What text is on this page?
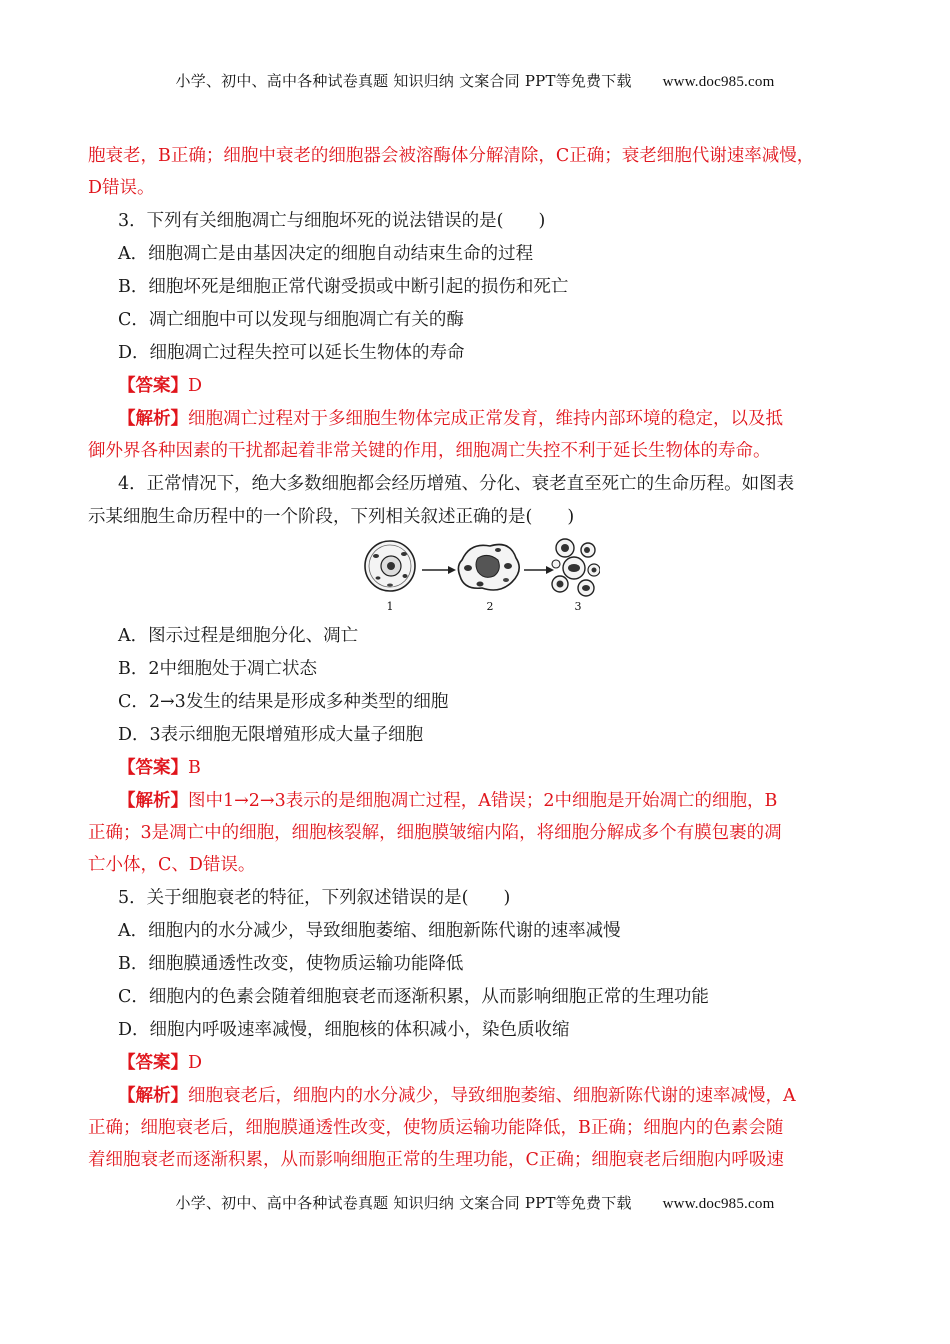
小学、初中、高中各种试卷真题 知识归纳 文案合同 PPT等免费下载 www.doc985.com
胞衰老，B正确；细胞中衰老的细胞器会被溶酶体分解清除，C正确；衰老细胞代谢速率减慢，
D错误。
3．下列有关细胞凋亡与细胞坏死的说法错误的是(　　)
A．细胞凋亡是由基因决定的细胞自动结束生命的过程
B．细胞坏死是细胞正常代谢受损或中断引起的损伤和死亡
C．凋亡细胞中可以发现与细胞凋亡有关的酶
D．细胞凋亡过程失控可以延长生物体的寿命
【答案】D
【解析】细胞凋亡过程对于多细胞生物体完成正常发育，维持内部环境的稳定，以及抵
御外界各种因素的干扰都起着非常关键的作用，细胞凋亡失控不利于延长生物体的寿命。
4．正常情况下，绝大多数细胞都会经历增殖、分化、衰老直至死亡的生命历程。如图表
示某细胞生命历程中的一个阶段，下列相关叙述正确的是(　　)
1	2	3
A．图示过程是细胞分化、凋亡
B．2中细胞处于凋亡状态
C．2→3发生的结果是形成多种类型的细胞
D．3表示细胞无限增殖形成大量子细胞
【答案】B
【解析】图中1→2→3表示的是细胞凋亡过程，A错误；2中细胞是开始凋亡的细胞，B
正确；3是凋亡中的细胞，细胞核裂解，细胞膜皱缩内陷，将细胞分解成多个有膜包裹的凋
亡小体，C、D错误。
5．关于细胞衰老的特征，下列叙述错误的是(　　)
A．细胞内的水分减少，导致细胞萎缩、细胞新陈代谢的速率减慢
B．细胞膜通透性改变，使物质运输功能降低
C．细胞内的色素会随着细胞衰老而逐渐积累，从而影响细胞正常的生理功能
D．细胞内呼吸速率减慢，细胞核的体积减小，染色质收缩
【答案】D
【解析】细胞衰老后，细胞内的水分减少，导致细胞萎缩、细胞新陈代谢的速率减慢，A
正确；细胞衰老后，细胞膜通透性改变，使物质运输功能降低，B正确；细胞内的色素会随
着细胞衰老而逐渐积累，从而影响细胞正常的生理功能，C正确；细胞衰老后细胞内呼吸速
小学、初中、高中各种试卷真题 知识归纳 文案合同 PPT等免费下载 www.doc985.com
